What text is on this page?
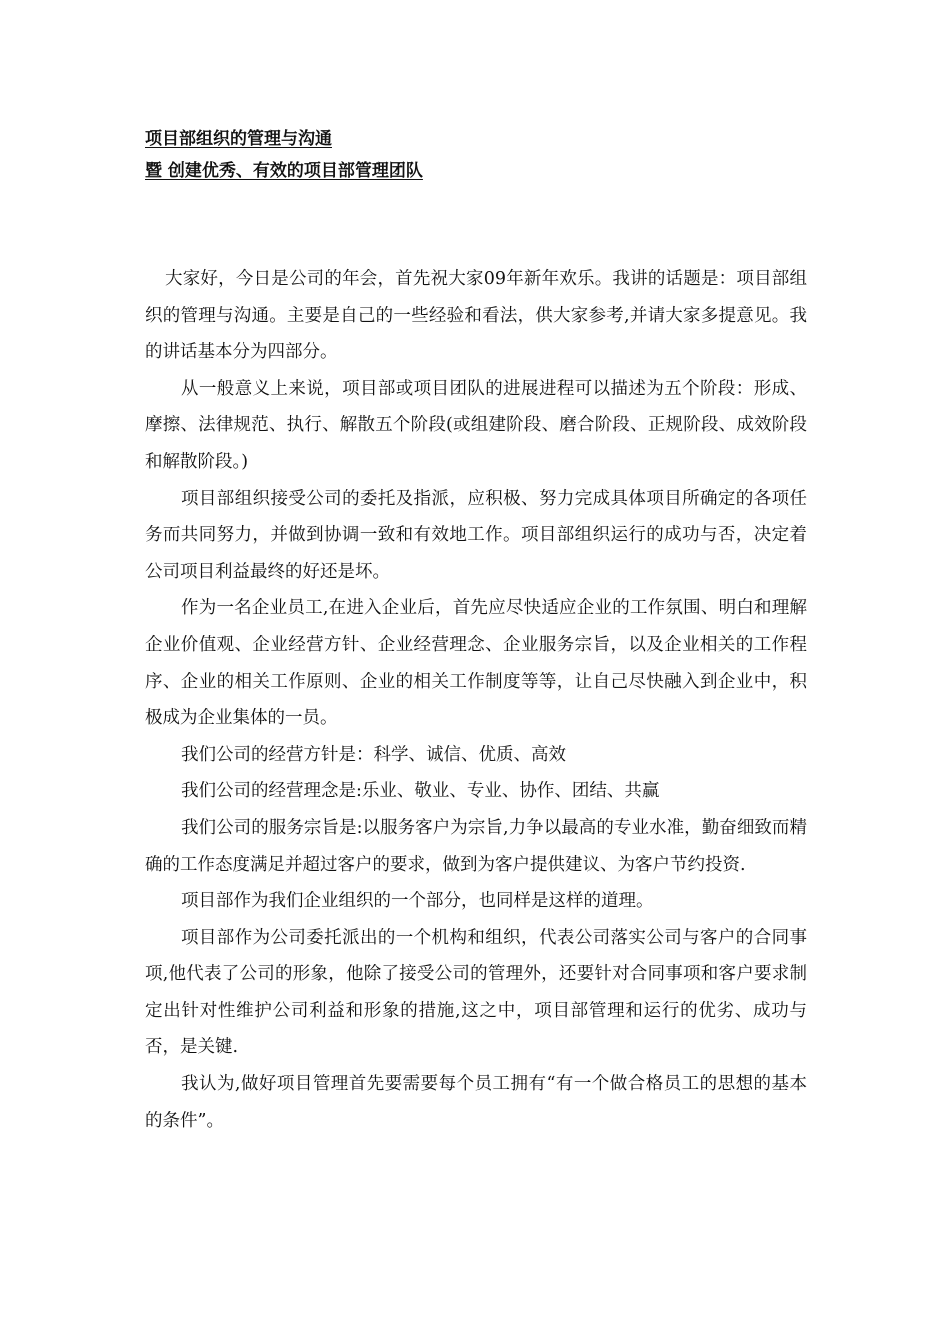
项目部组织的管理与沟通
暨 创建优秀、有效的项目部管理团队

大家好，今日是公司的年会，首先祝大家09年新年欢乐。我讲的话题是：项目部组织的管理与沟通。主要是自己的一些经验和看法，供大家参考,并请大家多提意见。我的讲话基本分为四部分。

从一般意义上来说，项目部或项目团队的进展进程可以描述为五个阶段：形成、摩擦、法律规范、执行、解散五个阶段(或组建阶段、磨合阶段、正规阶段、成效阶段和解散阶段。)

项目部组织接受公司的委托及指派，应积极、努力完成具体项目所确定的各项任务而共同努力，并做到协调一致和有效地工作。项目部组织运行的成功与否，决定着公司项目利益最终的好还是坏。

作为一名企业员工,在进入企业后，首先应尽快适应企业的工作氛围、明白和理解企业价值观、企业经营方针、企业经营理念、企业服务宗旨，以及企业相关的工作程序、企业的相关工作原则、企业的相关工作制度等等，让自己尽快融入到企业中，积极成为企业集体的一员。

我们公司的经营方针是：科学、诚信、优质、高效

我们公司的经营理念是:乐业、敬业、专业、协作、团结、共赢

我们公司的服务宗旨是:以服务客户为宗旨,力争以最高的专业水准，勤奋细致而精确的工作态度满足并超过客户的要求，做到为客户提供建议、为客户节约投资.

项目部作为我们企业组织的一个部分，也同样是这样的道理。

项目部作为公司委托派出的一个机构和组织，代表公司落实公司与客户的合同事项,他代表了公司的形象，他除了接受公司的管理外，还要针对合同事项和客户要求制定出针对性维护公司利益和形象的措施,这之中，项目部管理和运行的优劣、成功与否，是关键.

我认为,做好项目管理首先要需要每个员工拥有“有一个做合格员工的思想的基本的条件”。
